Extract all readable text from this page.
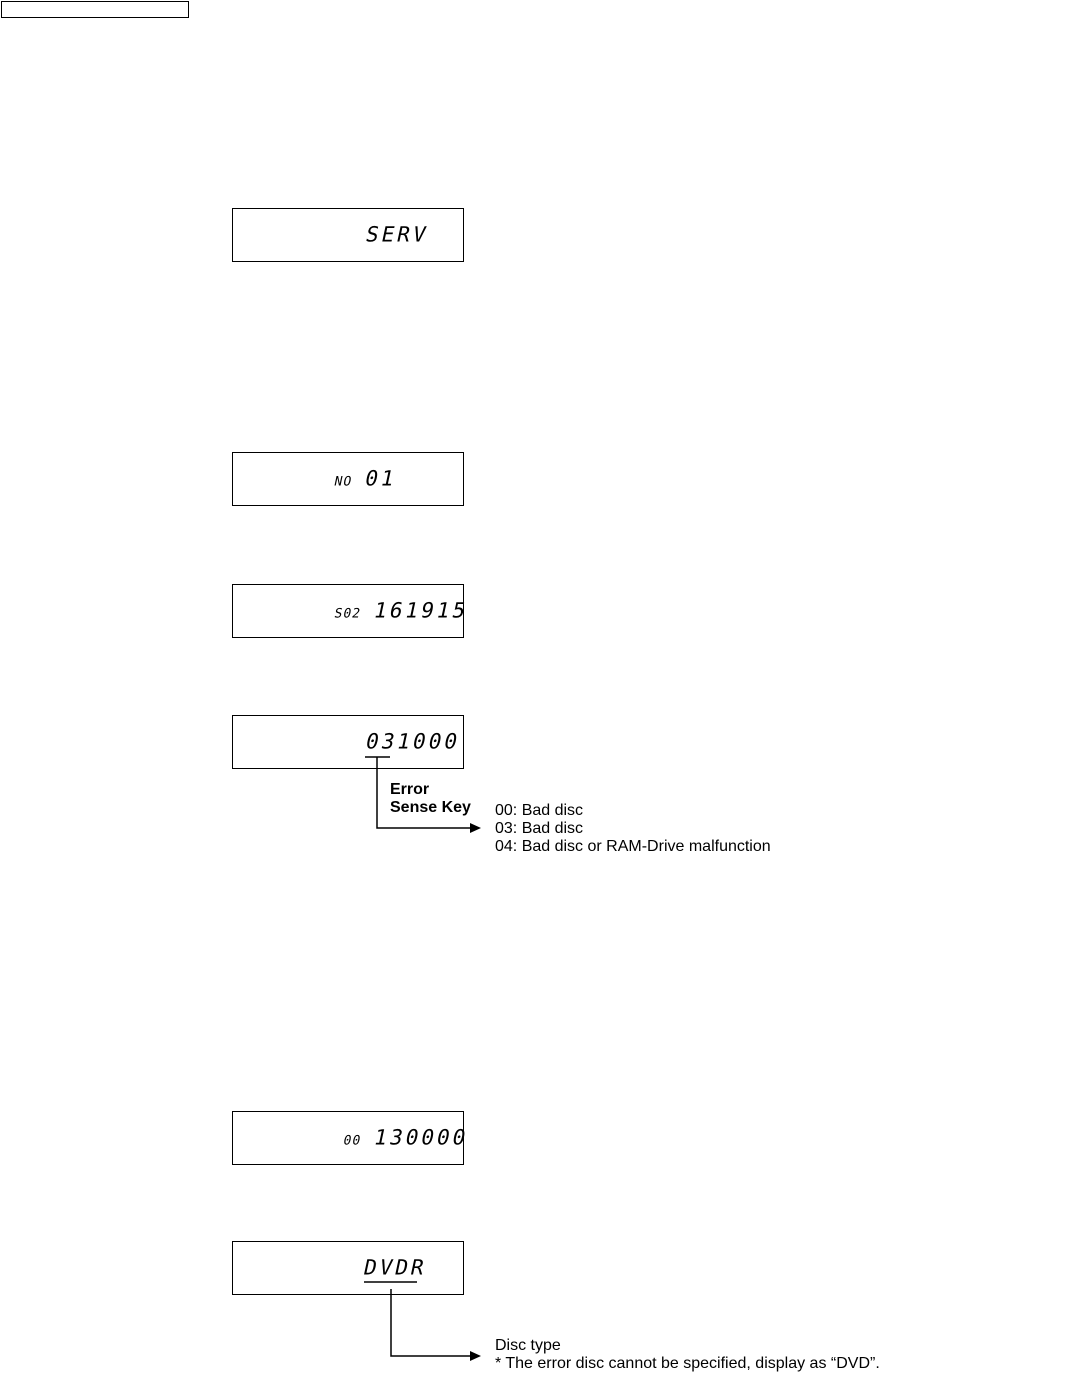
SERV
NO 01
S02 161915
031000
00 130000
DVDR
Error
Sense Key 00: Bad disc
03: Bad disc
04: Bad disc or RAM-Drive malfunction
Disc type
* The error disc cannot be specified, display as “DVD”.
